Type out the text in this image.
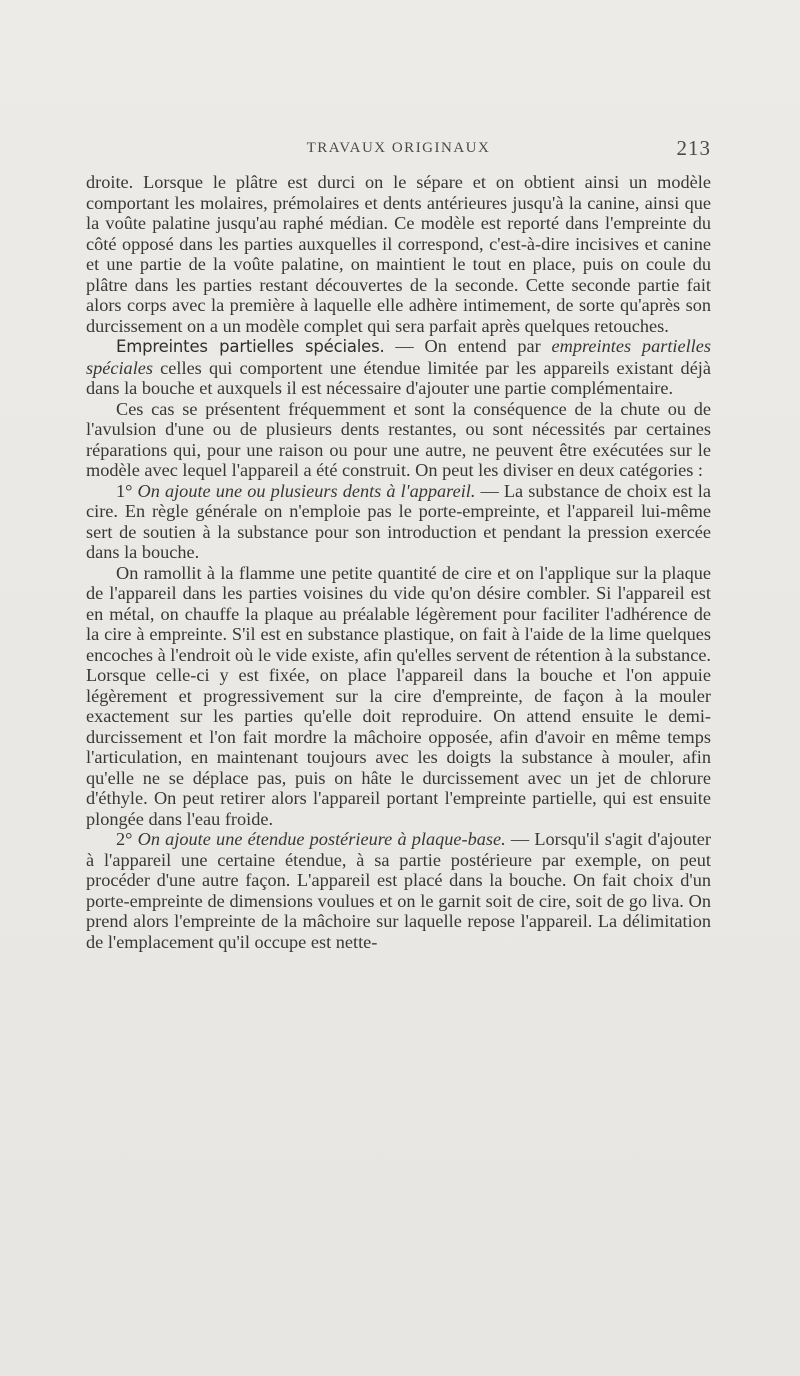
TRAVAUX ORIGINAUX	213

droite. Lorsque le plâtre est durci on le sépare et on obtient ainsi un modèle comportant les molaires, prémolaires et dents antérieures jusqu'à la canine, ainsi que la voûte palatine jusqu'au raphé médian. Ce modèle est reporté dans l'empreinte du côté opposé dans les parties auxquelles il correspond, c'est-à-dire incisives et canine et une partie de la voûte palatine, on maintient le tout en place, puis on coule du plâtre dans les parties restant découvertes de la seconde. Cette seconde partie fait alors corps avec la première à laquelle elle adhère intimement, de sorte qu'après son durcissement on a un modèle complet qui sera parfait après quelques retouches.

Empreintes partielles spéciales. — On entend par empreintes partielles spéciales celles qui comportent une étendue limitée par les appareils existant déjà dans la bouche et auxquels il est nécessaire d'ajouter une partie complémentaire.

Ces cas se présentent fréquemment et sont la conséquence de la chute ou de l'avulsion d'une ou de plusieurs dents restantes, ou sont nécessités par certaines réparations qui, pour une raison ou pour une autre, ne peuvent être exécutées sur le modèle avec lequel l'appareil a été construit. On peut les diviser en deux catégories :

1° On ajoute une ou plusieurs dents à l'appareil. — La substance de choix est la cire. En règle générale on n'emploie pas le porte-empreinte, et l'appareil lui-même sert de soutien à la substance pour son introduction et pendant la pression exercée dans la bouche.

On ramollit à la flamme une petite quantité de cire et on l'applique sur la plaque de l'appareil dans les parties voisines du vide qu'on désire combler. Si l'appareil est en métal, on chauffe la plaque au préalable légèrement pour faciliter l'adhérence de la cire à empreinte. S'il est en substance plastique, on fait à l'aide de la lime quelques encoches à l'endroit où le vide existe, afin qu'elles servent de rétention à la substance. Lorsque celle-ci y est fixée, on place l'appareil dans la bouche et l'on appuie légèrement et progressivement sur la cire d'empreinte, de façon à la mouler exactement sur les parties qu'elle doit reproduire. On attend ensuite le demi-durcissement et l'on fait mordre la mâchoire opposée, afin d'avoir en même temps l'articulation, en maintenant toujours avec les doigts la substance à mouler, afin qu'elle ne se déplace pas, puis on hâte le durcissement avec un jet de chlorure d'éthyle. On peut retirer alors l'appareil portant l'empreinte partielle, qui est ensuite plongée dans l'eau froide.

2° On ajoute une étendue postérieure à plaque-base. — Lorsqu'il s'agit d'ajouter à l'appareil une certaine étendue, à sa partie postérieure par exemple, on peut procéder d'une autre façon. L'appareil est placé dans la bouche. On fait choix d'un porte-empreinte de dimensions voulues et on le garnit soit de cire, soit de go liva. On prend alors l'empreinte de la mâchoire sur laquelle repose l'appareil. La délimitation de l'emplacement qu'il occupe est nette-
